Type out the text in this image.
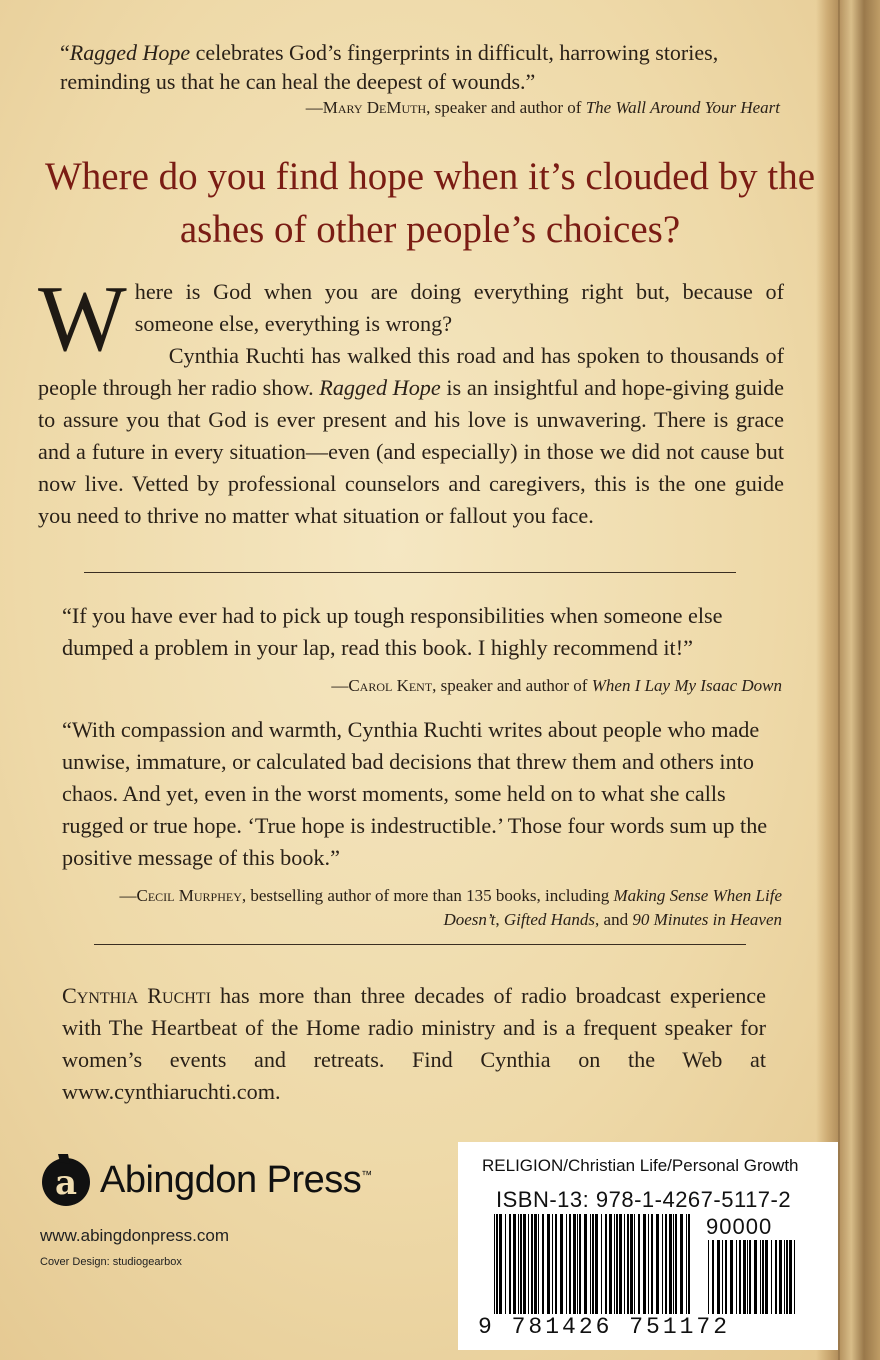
“Ragged Hope celebrates God’s fingerprints in difficult, harrowing stories, reminding us that he can heal the deepest of wounds.”
—Mary DeMuth, speaker and author of The Wall Around Your Heart
Where do you find hope when it’s clouded by the ashes of other people’s choices?

Where is God when you are doing everything right but, because of someone else, everything is wrong?

Cynthia Ruchti has walked this road and has spoken to thousands of people through her radio show. Ragged Hope is an insightful and hope-giving guide to assure you that God is ever present and his love is unwavering. There is grace and a future in every situation—even (and especially) in those we did not cause but now live. Vetted by professional counselors and caregivers, this is the one guide you need to thrive no matter what situation or fallout you face.

“If you have ever had to pick up tough responsibilities when someone else dumped a problem in your lap, read this book. I highly recommend it!”
—Carol Kent, speaker and author of When I Lay My Isaac Down
“With compassion and warmth, Cynthia Ruchti writes about people who made unwise, immature, or calculated bad decisions that threw them and others into chaos. And yet, even in the worst moments, some held on to what she calls rugged or true hope. ‘True hope is indestructible.’ Those four words sum up the positive message of this book.”
—Cecil Murphey, bestselling author of more than 135 books, including Making Sense When Life Doesn’t, Gifted Hands, and 90 Minutes in Heaven
Cynthia Ruchti has more than three decades of radio broadcast experience with The Heartbeat of the Home radio ministry and is a frequent speaker for women’s events and retreats. Find Cynthia on the Web at www.cynthiaruchti.com.
a Abingdon Press™
www.abingdonpress.com
Cover Design: studiogearbox
RELIGION/Christian Life/Personal Growth
ISBN-13: 978-1-4267-5117-2
90000
9 781426 751172
